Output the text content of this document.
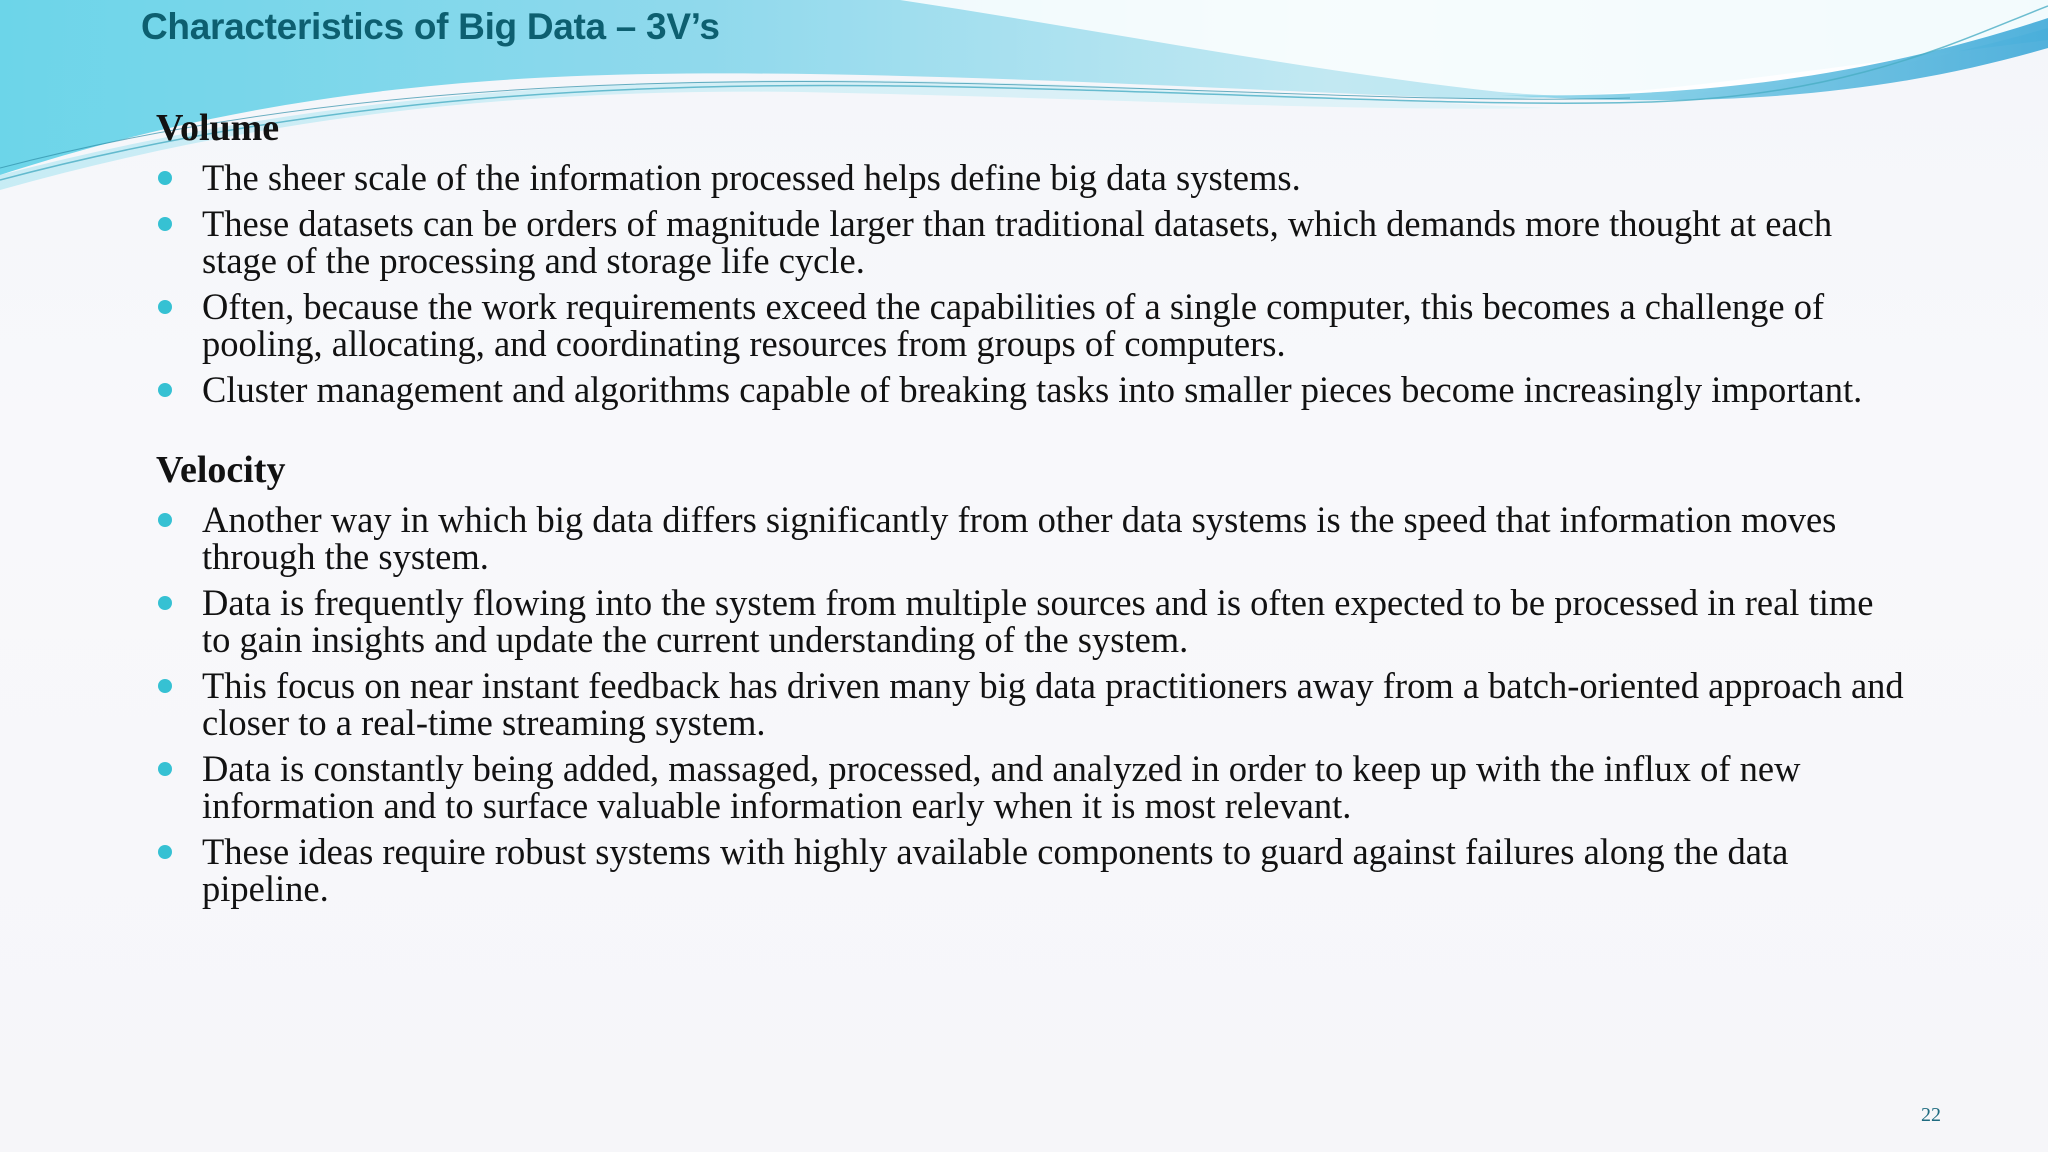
Characteristics of Big Data – 3V’s
Volume
The sheer scale of the information processed helps define big data systems.
These datasets can be orders of magnitude larger than traditional datasets, which demands more thought at each stage of the processing and storage life cycle.
Often, because the work requirements exceed the capabilities of a single computer, this becomes a challenge of pooling, allocating, and coordinating resources from groups of computers.
Cluster management and algorithms capable of breaking tasks into smaller pieces become increasingly important.
Velocity
Another way in which big data differs significantly from other data systems is the speed that information moves through the system.
Data is frequently flowing into the system from multiple sources and is often expected to be processed in real time to gain insights and update the current understanding of the system.
This focus on near instant feedback has driven many big data practitioners away from a batch-oriented approach and closer to a real-time streaming system.
Data is constantly being added, massaged, processed, and analyzed in order to keep up with the influx of new information and to surface valuable information early when it is most relevant.
These ideas require robust systems with highly available components to guard against failures along the data pipeline.
22
